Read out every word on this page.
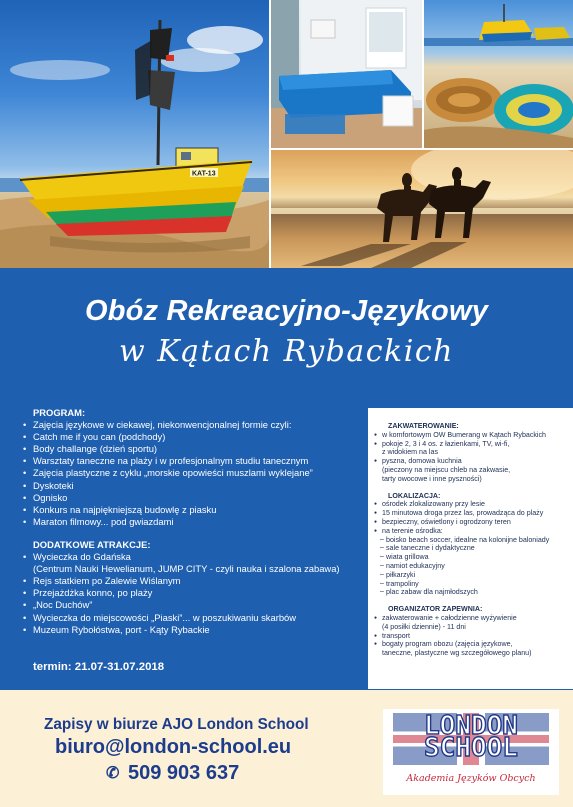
KAT-13
Obóz Rekreacyjno-Językowy
w Kątach Rybackich
PROGRAM:
• Zajęcia językowe w ciekawej, niekonwencjonalnej formie czyli:
• Catch me if you can (podchody)
• Body challange (dzień sportu)
• Warsztaty taneczne na plaży i w profesjonalnym studiu tanecznym
• Zajęcia plastyczne z cyklu „morskie opowieści muszlami wyklejane”
• Dyskoteki
• Ognisko
• Konkurs na najpiękniejszą budowlę z piasku
• Maraton filmowy... pod gwiazdami
DODATKOWE ATRAKCJE:
• Wycieczka do Gdańska
(Centrum Nauki Hewelianum, JUMP CITY - czyli nauka i szalona zabawa)
• Rejs statkiem po Zalewie Wiślanym
• Przejażdżka konno, po plaży
• „Noc Duchów”
• Wycieczka do miejscowości „Piaski”... w poszukiwaniu skarbów
• Muzeum Rybołóstwa, port - Kąty Rybackie
termin: 21.07-31.07.2018
ZAKWATEROWANIE:
● w komfortowym OW Bumerang w Kątach Rybackich
● pokoje 2, 3 i 4 os. z łazienkami, TV, wi-fi,
z widokiem na las
● pyszna, domowa kuchnia
(pieczony na miejscu chleb na zakwasie,
tarty owocowe i inne pyszności)
LOKALIZACJA:
● ośrodek zlokalizowany przy lesie
● 15 minutowa droga przez las, prowadząca do plaży
● bezpieczny, oświetlony i ogrodzony teren
● na terenie ośrodka:
– boisko beach soccer, idealne na kolonijne baloniady
– sale taneczne i dydaktyczne
– wiata grillowa
– namiot edukacyjny
– piłkarzyki
– trampoliny
– plac zabaw dla najmłodszych
ORGANIZATOR ZAPEWNIA:
● zakwaterowanie + całodzienne wyżywienie
(4 posiłki dziennie) - 11 dni
● transport
● bogaty program obozu (zajęcia językowe,
taneczne, plastyczne wg szczegółowego planu)
Zapisy w biurze AJO London School
biuro@london-school.eu
✆ 509 903 637
LONDON
SCHOOL
Akademia Języków Obcych
